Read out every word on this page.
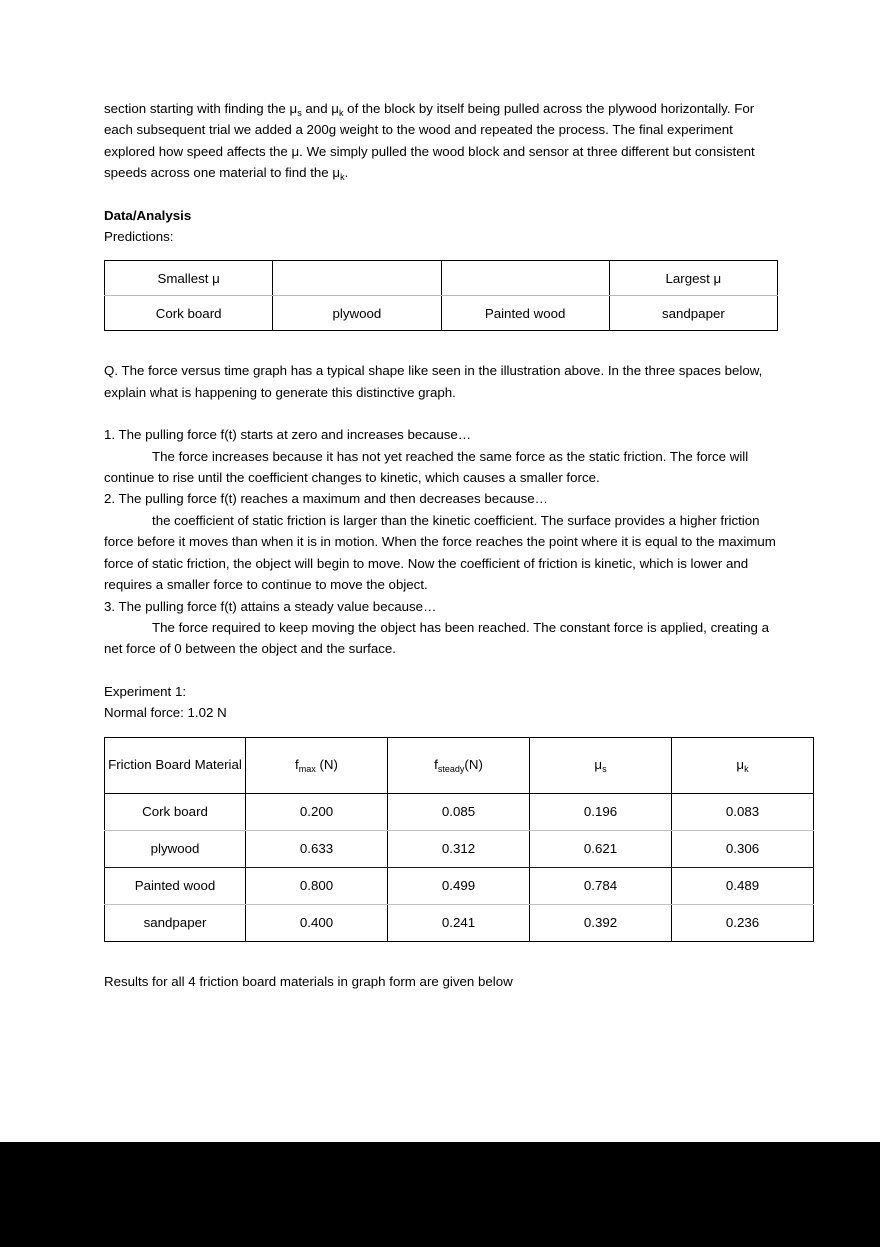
section starting with finding the $\mu_s$ and $\mu_k$ of the block by itself being pulled across the plywood horizontally. For each subsequent trial we added a 200g weight to the wood and repeated the process. The final experiment explored how speed affects the μ. We simply pulled the wood block and sensor at three different but consistent speeds across one material to find the $\mu_k$.

Data/Analysis

Predictions:

Smallest μ			Largest μ
Cork board	plywood	Painted wood	sandpaper

Q. The force versus time graph has a typical shape like seen in the illustration above. In the three spaces below, explain what is happening to generate this distinctive graph.

1. The pulling force f(t) starts at zero and increases because…

The force increases because it has not yet reached the same force as the static friction. The force will continue to rise until the coefficient changes to kinetic, which causes a smaller force.

2. The pulling force f(t) reaches a maximum and then decreases because…

the coefficient of static friction is larger than the kinetic coefficient. The surface provides a higher friction force before it moves than when it is in motion. When the force reaches the point where it is equal to the maximum force of static friction, the object will begin to move. Now the coefficient of friction is kinetic, which is lower and requires a smaller force to continue to move the object.

3. The pulling force f(t) attains a steady value because…

The force required to keep moving the object has been reached. The constant force is applied, creating a net force of 0 between the object and the surface.

Experiment 1:

Normal force: 1.02 N

Friction Board Material	$f_{max}$ (N)	$f_{steady}(N)$	$\mu_s$	$\mu_k$
Cork board	0.200	0.085	0.196	0.083
plywood	0.633	0.312	0.621	0.306
Painted wood	0.800	0.499	0.784	0.489
sandpaper	0.400	0.241	0.392	0.236

Results for all 4 friction board materials in graph form are given below
